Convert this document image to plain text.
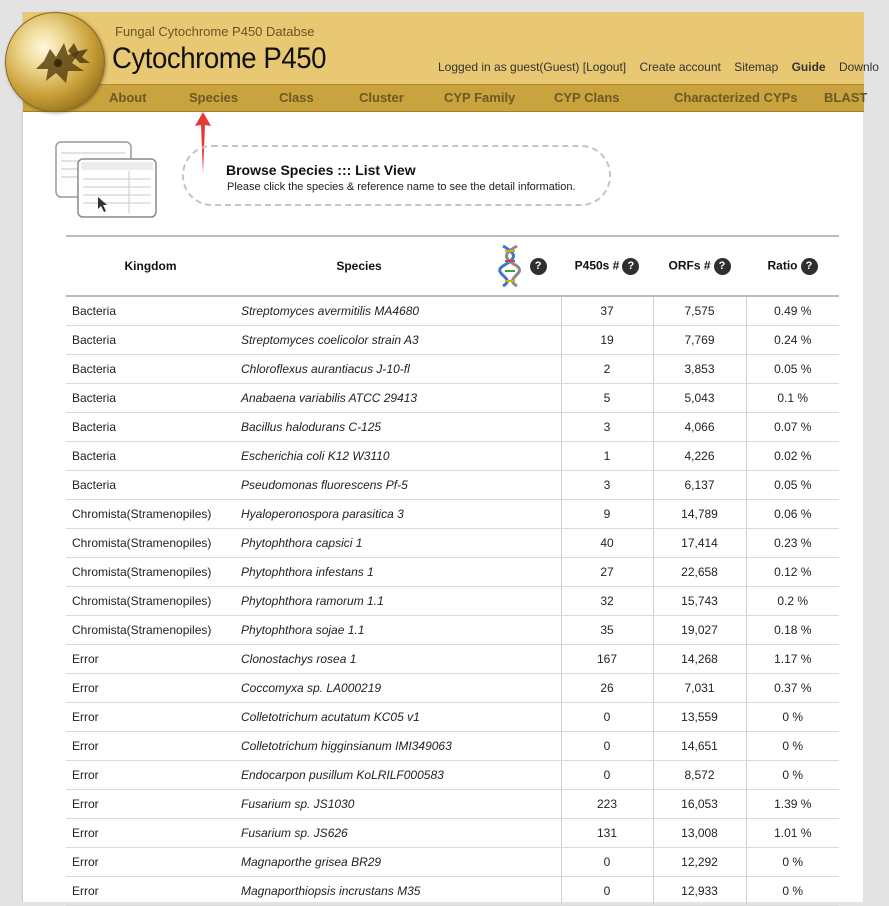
Fungal Cytochrome P450 Databse
Cytochrome P450	Logged in as guest(Guest) [Logout] Create account Sitemap Guide Downlo
About	Species	Class	Cluster	CYP Family	CYP Clans	Characterized CYPs BLAST
Browse Species ::: List View
Please click the species & reference name to see the detail information.
Kingdom	Species	?	P450s # ?	ORFs # ?	Ratio ?
Bacteria	Streptomyces avermitilis MA4680		37	7,575	0.49 %
Bacteria	Streptomyces coelicolor strain A3		19	7,769	0.24 %
Bacteria	Chloroflexus aurantiacus J-10-fl		2	3,853	0.05 %
Bacteria	Anabaena variabilis ATCC 29413		5	5,043	0.1 %
Bacteria	Bacillus halodurans C-125		3	4,066	0.07 %
Bacteria	Escherichia coli K12 W3110		1	4,226	0.02 %
Bacteria	Pseudomonas fluorescens Pf-5		3	6,137	0.05 %
Chromista(Stramenopiles)	Hyaloperonospora parasitica 3		9	14,789	0.06 %
Chromista(Stramenopiles)	Phytophthora capsici 1		40	17,414	0.23 %
Chromista(Stramenopiles)	Phytophthora infestans 1		27	22,658	0.12 %
Chromista(Stramenopiles)	Phytophthora ramorum 1.1		32	15,743	0.2 %
Chromista(Stramenopiles)	Phytophthora sojae 1.1		35	19,027	0.18 %
Error	Clonostachys rosea 1		167	14,268	1.17 %
Error	Coccomyxa sp. LA000219		26	7,031	0.37 %
Error	Colletotrichum acutatum KC05 v1		0	13,559	0 %
Error	Colletotrichum higginsianum IMI349063		0	14,651	0 %
Error	Endocarpon pusillum KoLRILF000583		0	8,572	0 %
Error	Fusarium sp. JS1030		223	16,053	1.39 %
Error	Fusarium sp. JS626		131	13,008	1.01 %
Error	Magnaporthe grisea BR29		0	12,292	0 %
Error	Magnaporthiopsis incrustans M35		0	12,933	0 %
